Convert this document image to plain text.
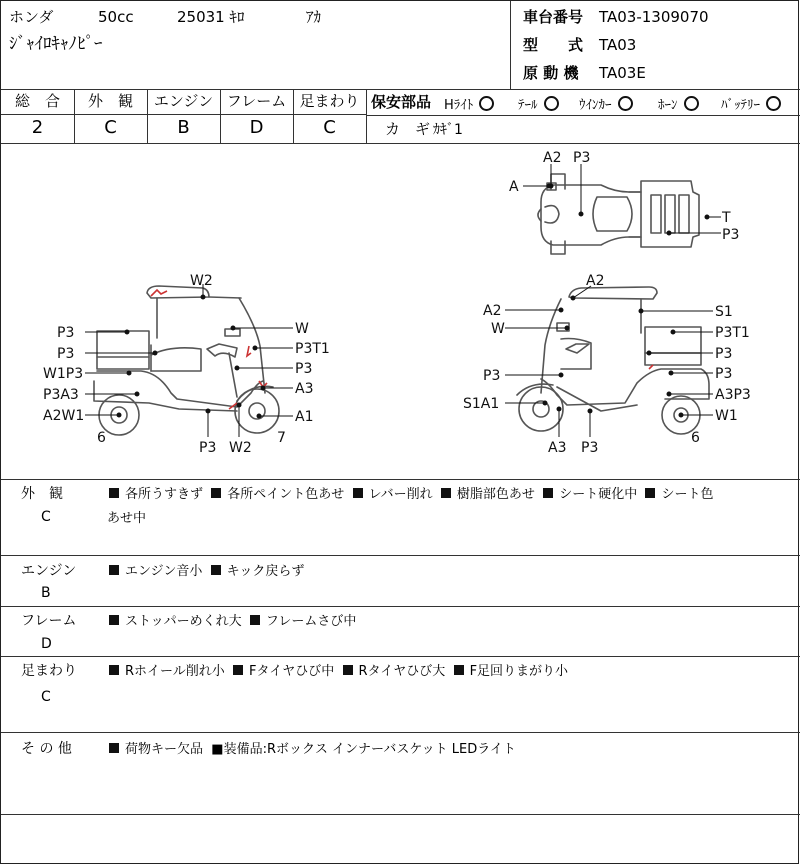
ホンダ	50cc	25031 ｷﾛ	ｱｶ
ｼﾞｬｲﾛｷｬﾉﾋﾟｰ
車台番号 TA03-1309070
型　　式 TA03
原 動 機 TA03E
総　合	外　観	エンジン フレーム 足まわり
2	C	B	D	C
保安部品 Hﾗｲﾄ	ﾃｰﾙ	ｳｲﾝｶｰ	ﾎｰﾝ	ﾊﾞｯﾃﾘｰ
カ　ギ ｶｷﾞ1
A2 P3
A
T
P3
W2
P3
P3
W1P3
P3A3
A2W1
6
W
P3T1
P3
A3
A1
P3 W2
7
A2
A2
W
P3
S1A1
A3 P3
S1
P3T1
P3
P3
A3P3
W1
6
外　観
C
各所うすきず 各所ペイント色あせ レバー削れ 樹脂部色あせ シート硬化中 シート色
あせ中
エンジン
B
エンジン音小 キック戻らず
フレーム
D
ストッパーめくれ大 フレームさび中
足まわり
C
Rホイール削れ小 Fタイヤひび中 Rタイヤひび大 F足回りまがり小
そ の 他	荷物キー欠品 ■装備品:Rボックス インナーバスケット LEDライト
